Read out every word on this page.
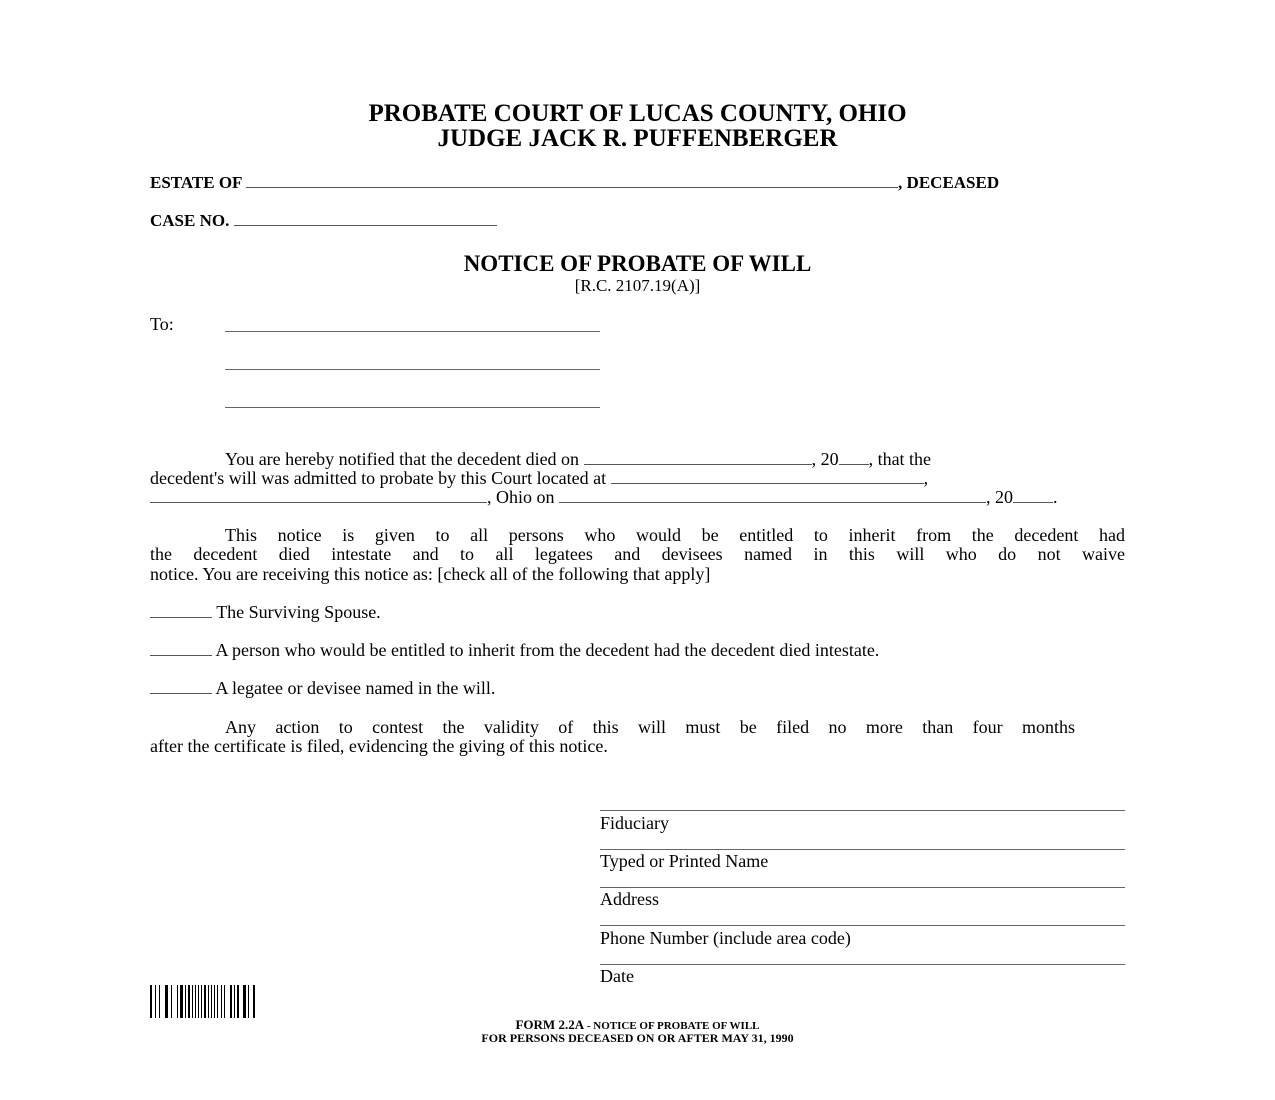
PROBATE COURT OF LUCAS COUNTY, OHIO
JUDGE JACK R. PUFFENBERGER
ESTATE OF	, DECEASED
CASE NO.
NOTICE OF PROBATE OF WILL
[R.C. 2107.19(A)]
To:
You are hereby notified that the decedent died on	, 20 , that the
decedent's will was admitted to probate by this Court located at	,
, Ohio on	, 20 .
This notice is given to all persons who would be entitled to inherit from the decedent had
the decedent died intestate and to all legatees and devisees named in this will who do not waive
notice. You are receiving this notice as: [check all of the following that apply]
The Surviving Spouse.
A person who would be entitled to inherit from the decedent had the decedent died intestate.
A legatee or devisee named in the will.
Any action to contest the validity of this will must be filed no more than four months
after the certificate is filed, evidencing the giving of this notice.
Fiduciary
Typed or Printed Name
Address
Phone Number (include area code)
Date
FORM 2.2A - NOTICE OF PROBATE OF WILL
FOR PERSONS DECEASED ON OR AFTER MAY 31, 1990
